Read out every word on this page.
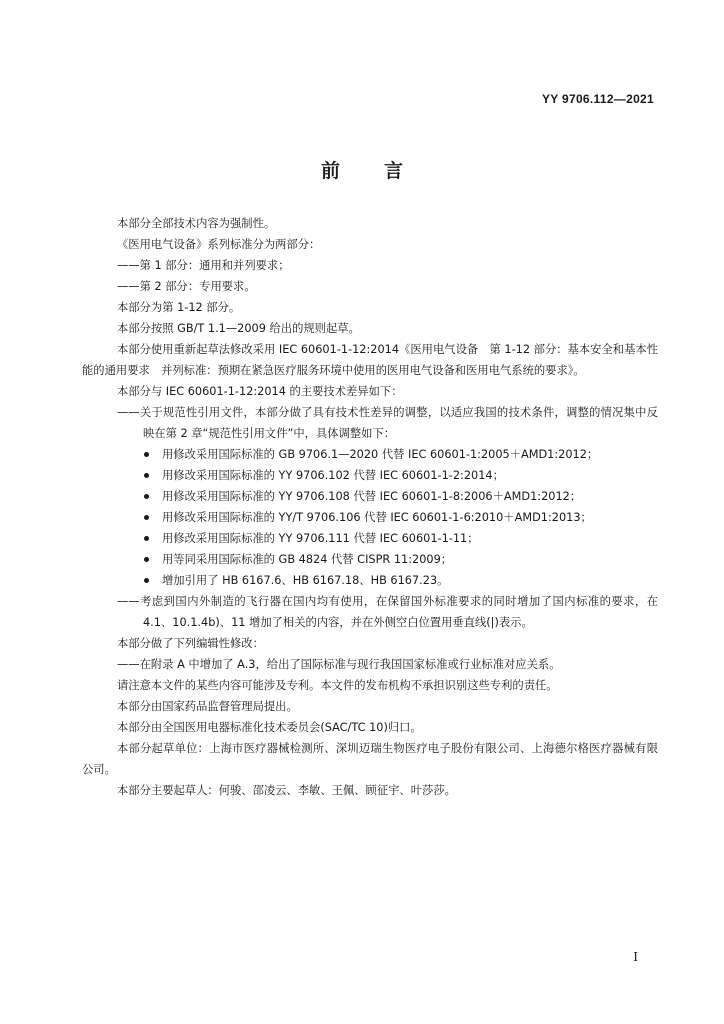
YY 9706.112—2021
前 言

本部分全部技术内容为强制性。

《医用电气设备》系列标准分为两部分：

——第 1 部分：通用和并列要求；

——第 2 部分：专用要求。

本部分为第 1-12 部分。

本部分按照 GB/T 1.1—2009 给出的规则起草。

本部分使用重新起草法修改采用 IEC 60601-1-12:2014《医用电气设备　第 1-12 部分：基本安全和基本性能的通用要求　并列标准：预期在紧急医疗服务环境中使用的医用电气设备和医用电气系统的要求》。

本部分与 IEC 60601-1-12:2014 的主要技术差异如下：

——关于规范性引用文件，本部分做了具有技术性差异的调整，以适应我国的技术条件，调整的情况集中反映在第 2 章“规范性引用文件”中，具体调整如下：

用修改采用国际标准的 GB 9706.1—2020 代替 IEC 60601-1:2005＋AMD1:2012；

用修改采用国际标准的 YY 9706.102 代替 IEC 60601-1-2:2014；

用修改采用国际标准的 YY 9706.108 代替 IEC 60601-1-8:2006＋AMD1:2012；

用修改采用国际标准的 YY/T 9706.106 代替 IEC 60601-1-6:2010＋AMD1:2013；

用修改采用国际标准的 YY 9706.111 代替 IEC 60601-1-11；

用等同采用国际标准的 GB 4824 代替 CISPR 11:2009；

增加引用了 HB 6167.6、HB 6167.18、HB 6167.23。

——考虑到国内外制造的飞行器在国内均有使用，在保留国外标准要求的同时增加了国内标准的要求，在 4.1、10.1.4b)、11 增加了相关的内容，并在外侧空白位置用垂直线(|)表示。

本部分做了下列编辑性修改：

——在附录 A 中增加了 A.3，给出了国际标准与现行我国国家标准或行业标准对应关系。

请注意本文件的某些内容可能涉及专利。本文件的发布机构不承担识别这些专利的责任。

本部分由国家药品监督管理局提出。

本部分由全国医用电器标准化技术委员会(SAC/TC 10)归口。

本部分起草单位：上海市医疗器械检测所、深圳迈瑞生物医疗电子股份有限公司、上海德尔格医疗器械有限公司。

本部分主要起草人：何骏、邵凌云、李敏、王佩、顾征宇、叶莎莎。

I
